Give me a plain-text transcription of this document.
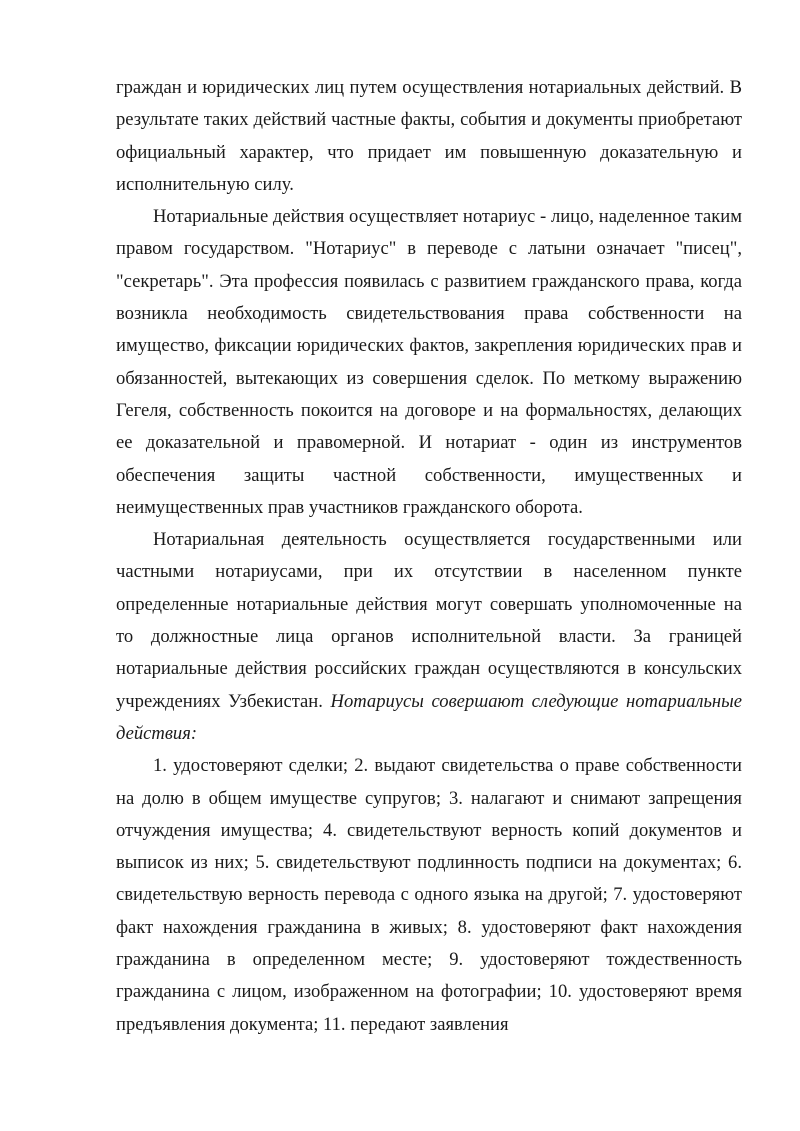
граждан и юридических лиц путем осуществления нотариальных действий. В результате таких действий частные факты, события и документы приобретают официальный характер, что придает им повышенную доказательную и исполнительную силу.

Нотариальные действия осуществляет нотариус - лицо, наделенное таким правом государством. "Нотариус" в переводе с латыни означает "писец", "секретарь". Эта профессия появилась с развитием гражданского права, когда возникла необходимость свидетельствования права собственности на имущество, фиксации юридических фактов, закрепления юридических прав и обязанностей, вытекающих из совершения сделок. По меткому выражению Гегеля, собственность покоится на договоре и на формальностях, делающих ее доказательной и правомерной. И нотариат - один из инструментов обеспечения защиты частной собственности, имущественных и неимущественных прав участников гражданского оборота.

Нотариальная деятельность осуществляется государственными или частными нотариусами, при их отсутствии в населенном пункте определенные нотариальные действия могут совершать уполномоченные на то должностные лица органов исполнительной власти. За границей нотариальные действия российских граждан осуществляются в консульских учреждениях Узбекистан. Нотариусы совершают следующие нотариальные действия:

1. удостоверяют сделки; 2. выдают свидетельства о праве собственности на долю в общем имуществе супругов; 3. налагают и снимают запрещения отчуждения имущества; 4. свидетельствуют верность копий документов и выписок из них; 5. свидетельствуют подлинность подписи на документах; 6. свидетельствую верность перевода с одного языка на другой; 7. удостоверяют факт нахождения гражданина в живых; 8. удостоверяют факт нахождения гражданина в определенном месте; 9. удостоверяют тождественность гражданина с лицом, изображенном на фотографии; 10. удостоверяют время предъявления документа; 11. передают заявления
